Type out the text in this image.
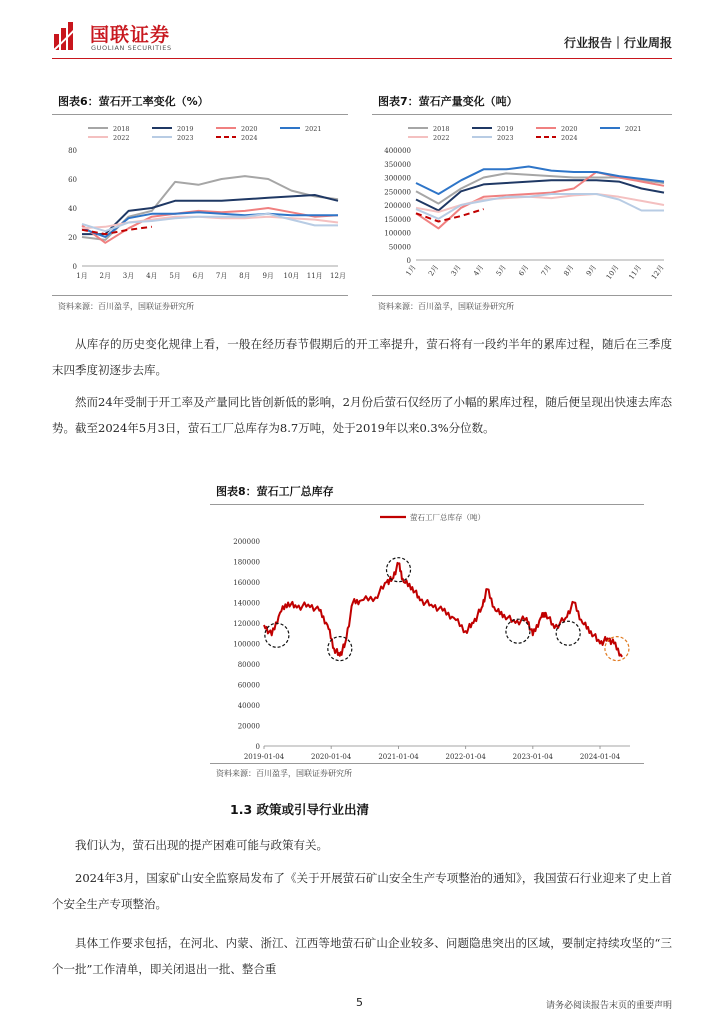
国联证券
GUOLIAN SECURITIES	行业报告｜行业周报
图表6：萤石开工率变化（%）
0
20
40
60
80
1月 2月 3月 4月 5月 6月 7月 8月 9月 10月 11月 12月
2018	2019	2020	2021
2022	2023	2024
资料来源：百川盈孚，国联证券研究所
图表7：萤石产量变化（吨）
0
50000
100000
150000
200000
250000
300000
350000
400000
1月 2月 3月 4月 5月 6月 7月 8月 9月 10月 11月 12月
2018	2019	2020	2021
2022	2023	2024
资料来源：百川盈孚，国联证券研究所
从库存的历史变化规律上看，一般在经历春节假期后的开工率提升，萤石将有一段约半年的累库过程，随后在三季度末四季度初逐步去库。
然而24年受制于开工率及产量同比皆创新低的影响，2月份后萤石仅经历了小幅的累库过程，随后便呈现出快速去库态势。截至2024年5月3日，萤石工厂总库存为8.7万吨，处于2019年以来0.3%分位数。
图表8：萤石工厂总库存
0
20000
40000
60000
80000
100000
120000
140000
160000
180000
200000
2019-01-04	2020-01-04	2021-01-04	2022-01-04	2023-01-04	2024-01-04
萤石工厂总库存（吨）
资料来源：百川盈孚，国联证券研究所
1.3 政策或引导行业出清
我们认为，萤石出现的提产困难可能与政策有关。
2024年3月，国家矿山安全监察局发布了《关于开展萤石矿山安全生产专项整治的通知》，我国萤石行业迎来了史上首个安全生产专项整治。
具体工作要求包括，在河北、内蒙、浙江、江西等地萤石矿山企业较多、问题隐患突出的区域，要制定持续攻坚的“三个一批”工作清单，即关闭退出一批、整合重
5	请务必阅读报告末页的重要声明
